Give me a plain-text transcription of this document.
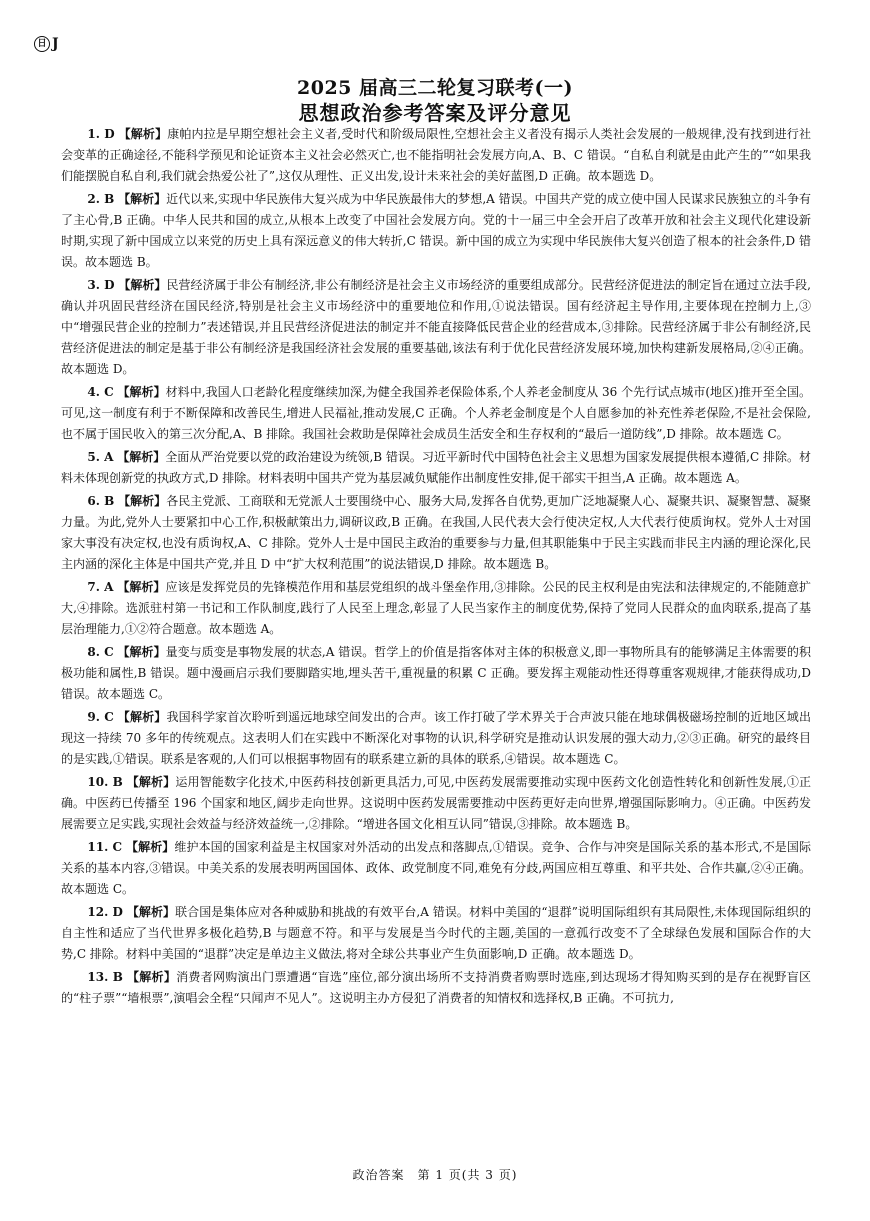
日 J
2025 届高三二轮复习联考(一)
思想政治参考答案及评分意见

1. D 【解析】康帕内拉是早期空想社会主义者,受时代和阶级局限性,空想社会主义者没有揭示人类社会发展的一般规律,没有找到进行社会变革的正确途径,不能科学预见和论证资本主义社会必然灭亡,也不能指明社会发展方向,A、B、C 错误。“自私自利就是由此产生的”“如果我们能摆脱自私自利,我们就会热爱公社了”,这仅从理性、正义出发,设计未来社会的美好蓝图,D 正确。故本题选 D。

2. B 【解析】近代以来,实现中华民族伟大复兴成为中华民族最伟大的梦想,A 错误。中国共产党的成立使中国人民谋求民族独立的斗争有了主心骨,B 正确。中华人民共和国的成立,从根本上改变了中国社会发展方向。党的十一届三中全会开启了改革开放和社会主义现代化建设新时期,实现了新中国成立以来党的历史上具有深远意义的伟大转折,C 错误。新中国的成立为实现中华民族伟大复兴创造了根本的社会条件,D 错误。故本题选 B。

3. D 【解析】民营经济属于非公有制经济,非公有制经济是社会主义市场经济的重要组成部分。民营经济促进法的制定旨在通过立法手段,确认并巩固民营经济在国民经济,特别是社会主义市场经济中的重要地位和作用,①说法错误。国有经济起主导作用,主要体现在控制力上,③中“增强民营企业的控制力”表述错误,并且民营经济促进法的制定并不能直接降低民营企业的经营成本,③排除。民营经济属于非公有制经济,民营经济促进法的制定是基于非公有制经济是我国经济社会发展的重要基础,该法有利于优化民营经济发展环境,加快构建新发展格局,②④正确。故本题选 D。

4. C 【解析】材料中,我国人口老龄化程度继续加深,为健全我国养老保险体系,个人养老金制度从 36 个先行试点城市(地区)推开至全国。可见,这一制度有利于不断保障和改善民生,增进人民福祉,推动发展,C 正确。个人养老金制度是个人自愿参加的补充性养老保险,不是社会保险,也不属于国民收入的第三次分配,A、B 排除。我国社会救助是保障社会成员生活安全和生存权利的“最后一道防线”,D 排除。故本题选 C。

5. A 【解析】全面从严治党要以党的政治建设为统领,B 错误。习近平新时代中国特色社会主义思想为国家发展提供根本遵循,C 排除。材料未体现创新党的执政方式,D 排除。材料表明中国共产党为基层减负赋能作出制度性安排,促干部实干担当,A 正确。故本题选 A。

6. B 【解析】各民主党派、工商联和无党派人士要围绕中心、服务大局,发挥各自优势,更加广泛地凝聚人心、凝聚共识、凝聚智慧、凝聚力量。为此,党外人士要紧扣中心工作,积极献策出力,调研议政,B 正确。在我国,人民代表大会行使决定权,人大代表行使质询权。党外人士对国家大事没有决定权,也没有质询权,A、C 排除。党外人士是中国民主政治的重要参与力量,但其职能集中于民主实践而非民主内涵的理论深化,民主内涵的深化主体是中国共产党,并且 D 中“扩大权利范围”的说法错误,D 排除。故本题选 B。

7. A 【解析】应该是发挥党员的先锋模范作用和基层党组织的战斗堡垒作用,③排除。公民的民主权利是由宪法和法律规定的,不能随意扩大,④排除。选派驻村第一书记和工作队制度,践行了人民至上理念,彰显了人民当家作主的制度优势,保持了党同人民群众的血肉联系,提高了基层治理能力,①②符合题意。故本题选 A。

8. C 【解析】量变与质变是事物发展的状态,A 错误。哲学上的价值是指客体对主体的积极意义,即一事物所具有的能够满足主体需要的积极功能和属性,B 错误。题中漫画启示我们要脚踏实地,埋头苦干,重视量的积累 C 正确。要发挥主观能动性还得尊重客观规律,才能获得成功,D 错误。故本题选 C。

9. C 【解析】我国科学家首次聆听到遥远地球空间发出的合声。该工作打破了学术界关于合声波只能在地球偶极磁场控制的近地区域出现这一持续 70 多年的传统观点。这表明人们在实践中不断深化对事物的认识,科学研究是推动认识发展的强大动力,②③正确。研究的最终目的是实践,①错误。联系是客观的,人们可以根据事物固有的联系建立新的具体的联系,④错误。故本题选 C。

10. B 【解析】运用智能数字化技术,中医药科技创新更具活力,可见,中医药发展需要推动实现中医药文化创造性转化和创新性发展,①正确。中医药已传播至 196 个国家和地区,阔步走向世界。这说明中医药发展需要推动中医药更好走向世界,增强国际影响力。④正确。中医药发展需要立足实践,实现社会效益与经济效益统一,②排除。“增进各国文化相互认同”错误,③排除。故本题选 B。

11. C 【解析】维护本国的国家利益是主权国家对外活动的出发点和落脚点,①错误。竞争、合作与冲突是国际关系的基本形式,不是国际关系的基本内容,③错误。中美关系的发展表明两国国体、政体、政党制度不同,难免有分歧,两国应相互尊重、和平共处、合作共赢,②④正确。故本题选 C。

12. D 【解析】联合国是集体应对各种威胁和挑战的有效平台,A 错误。材料中美国的“退群”说明国际组织有其局限性,未体现国际组织的自主性和适应了当代世界多极化趋势,B 与题意不符。和平与发展是当今时代的主题,美国的一意孤行改变不了全球绿色发展和国际合作的大势,C 排除。材料中美国的“退群”决定是单边主义做法,将对全球公共事业产生负面影响,D 正确。故本题选 D。

13. B 【解析】消费者网购演出门票遭遇“盲选”座位,部分演出场所不支持消费者购票时选座,到达现场才得知购买到的是存在视野盲区的“柱子票”“墙根票”,演唱会全程“只闻声不见人”。这说明主办方侵犯了消费者的知情权和选择权,B 正确。不可抗力,

政治答案　第 1 页(共 3 页)
